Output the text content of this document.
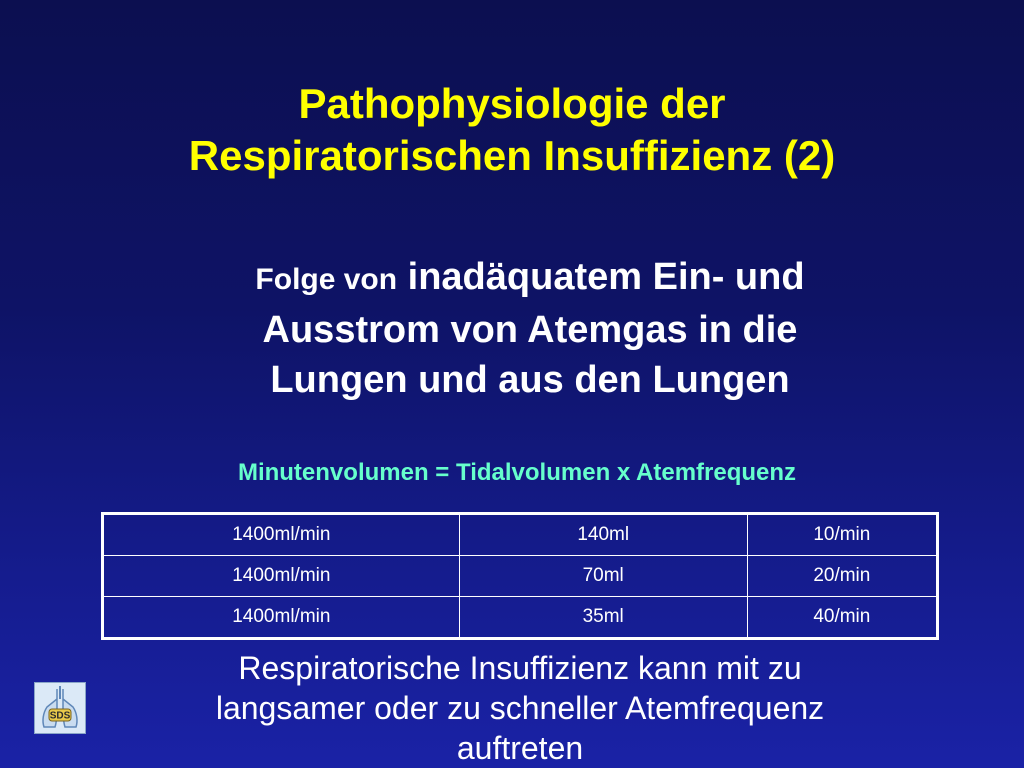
Pathophysiologie der
Respiratorischen Insuffizienz (2)
Folge von inadäquatem Ein- und
Ausstrom von Atemgas in die
Lungen und aus den Lungen
Minutenvolumen = Tidalvolumen x Atemfrequenz
1400ml/min	140ml	10/min
1400ml/min	70ml	20/min
1400ml/min	35ml	40/min
Respiratorische Insuffizienz kann mit zu
langsamer oder zu schneller Atemfrequenz
auftreten
SDS
